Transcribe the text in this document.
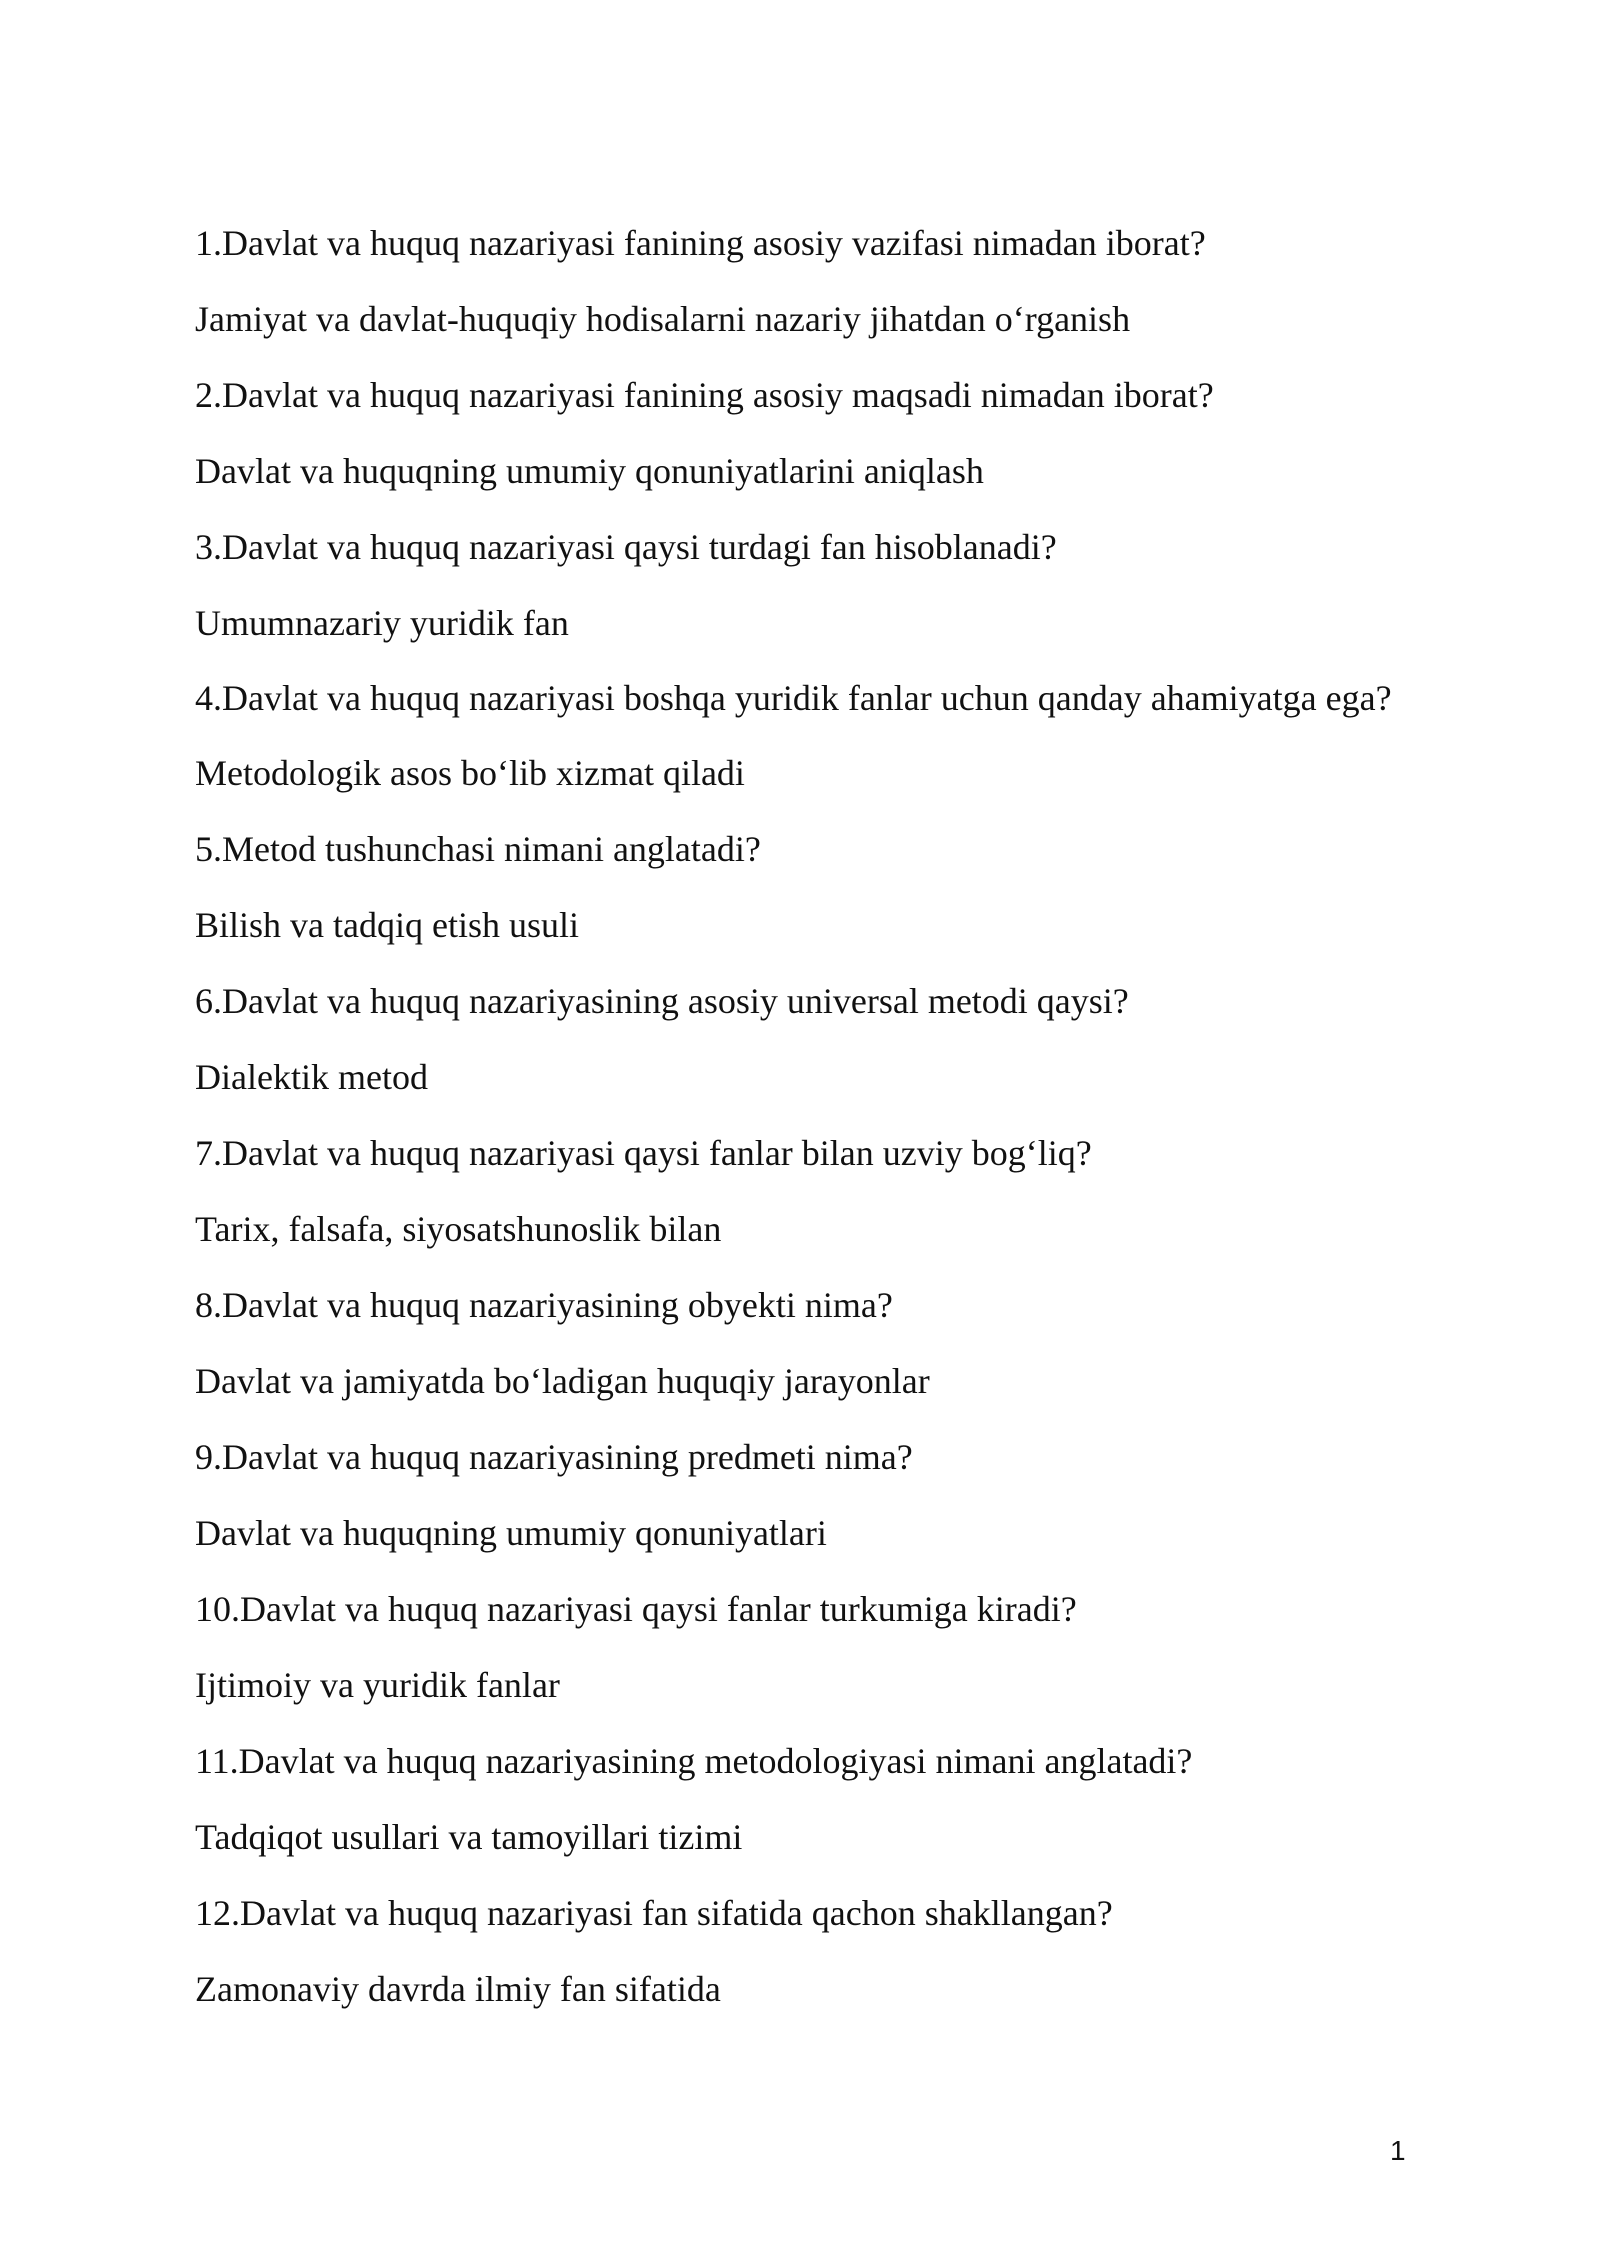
1.Davlat va huquq nazariyasi fanining asosiy vazifasi nimadan iborat?

Jamiyat va davlat-huquqiy hodisalarni nazariy jihatdan o‘rganish

2.Davlat va huquq nazariyasi fanining asosiy maqsadi nimadan iborat?

Davlat va huquqning umumiy qonuniyatlarini aniqlash

3.Davlat va huquq nazariyasi qaysi turdagi fan hisoblanadi?

Umumnazariy yuridik fan

4.Davlat va huquq nazariyasi boshqa yuridik fanlar uchun qanday ahamiyatga ega?

Metodologik asos bo‘lib xizmat qiladi

5.Metod tushunchasi nimani anglatadi?

Bilish va tadqiq etish usuli

6.Davlat va huquq nazariyasining asosiy universal metodi qaysi?

Dialektik metod

7.Davlat va huquq nazariyasi qaysi fanlar bilan uzviy bog‘liq?

Tarix, falsafa, siyosatshunoslik bilan

8.Davlat va huquq nazariyasining obyekti nima?

Davlat va jamiyatda bo‘ladigan huquqiy jarayonlar

9.Davlat va huquq nazariyasining predmeti nima?

Davlat va huquqning umumiy qonuniyatlari

10.Davlat va huquq nazariyasi qaysi fanlar turkumiga kiradi?

Ijtimoiy va yuridik fanlar

11.Davlat va huquq nazariyasining metodologiyasi nimani anglatadi?

Tadqiqot usullari va tamoyillari tizimi

12.Davlat va huquq nazariyasi fan sifatida qachon shakllangan?

Zamonaviy davrda ilmiy fan sifatida

1
